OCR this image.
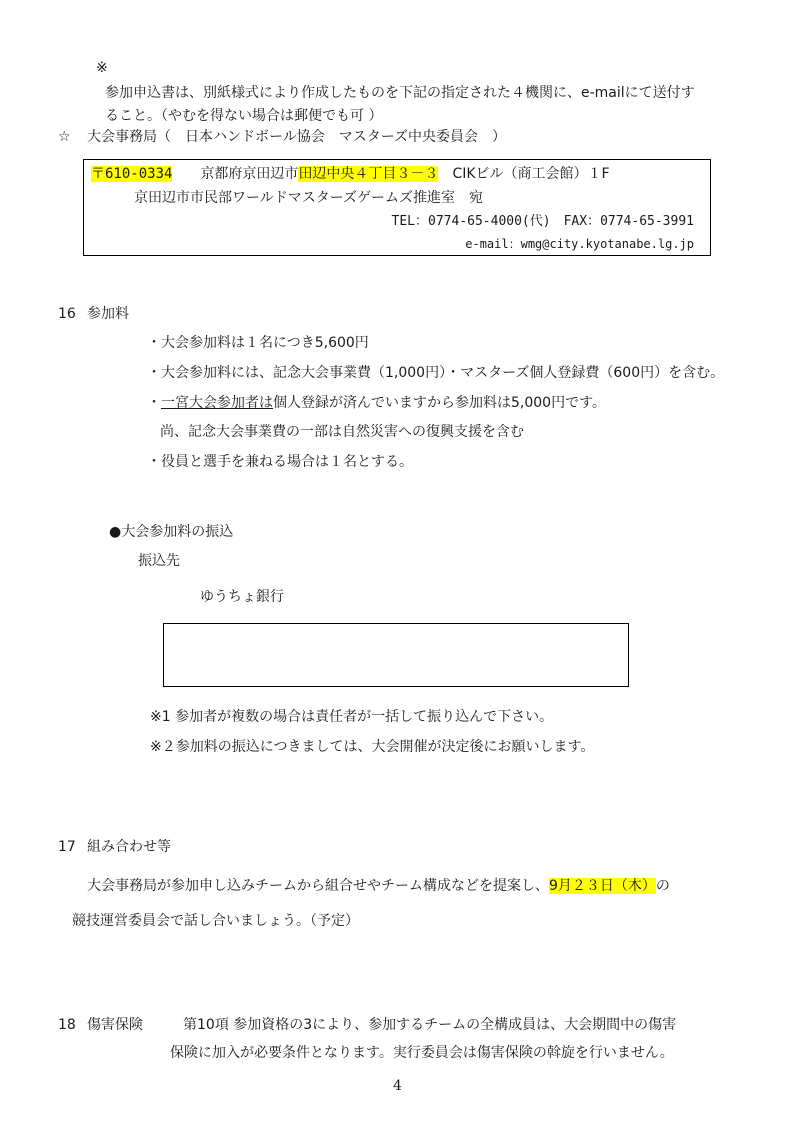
※
参加申込書は、別紙様式により作成したものを下記の指定された４機関に、e-mailにて送付す
ること。（やむを得ない場合は郵便でも可 ）
☆ 大会事務局（　日本ハンドボール協会　マスターズ中央委員会　）
〒610-0334 京都府京田辺市田辺中央４丁目３－３ CIKビル（商工会館）１F
京田辺市市民部ワールドマスターズゲームズ推進室　宛
TEL：0774-65-4000(代)　FAX：0774-65-3991
e-mail：wmg@city.kyotanabe.lg.jp
16 参加料
・大会参加料は１名につき5,600円
・大会参加料には、記念大会事業費（1,000円）・マスターズ個人登録費（600円）を含む。
・一宮大会参加者は個人登録が済んでいますから参加料は5,000円です。
尚、記念大会事業費の一部は自然災害への復興支援を含む
・役員と選手を兼ねる場合は１名とする。
●大会参加料の振込
振込先
ゆうちょ銀行
※1 参加者が複数の場合は責任者が一括して振り込んで下さい。
※２参加料の振込につきましては、大会開催が決定後にお願いします。
17 組み合わせ等
大会事務局が参加申し込みチームから組合せやチーム構成などを提案し、9月２３日（木）の
競技運営委員会で話し合いましょう。（予定）
18 傷害保険	第10項 参加資格の3により、参加するチームの全構成員は、大会期間中の傷害
保険に加入が必要条件となります。実行委員会は傷害保険の斡旋を行いません。
4
